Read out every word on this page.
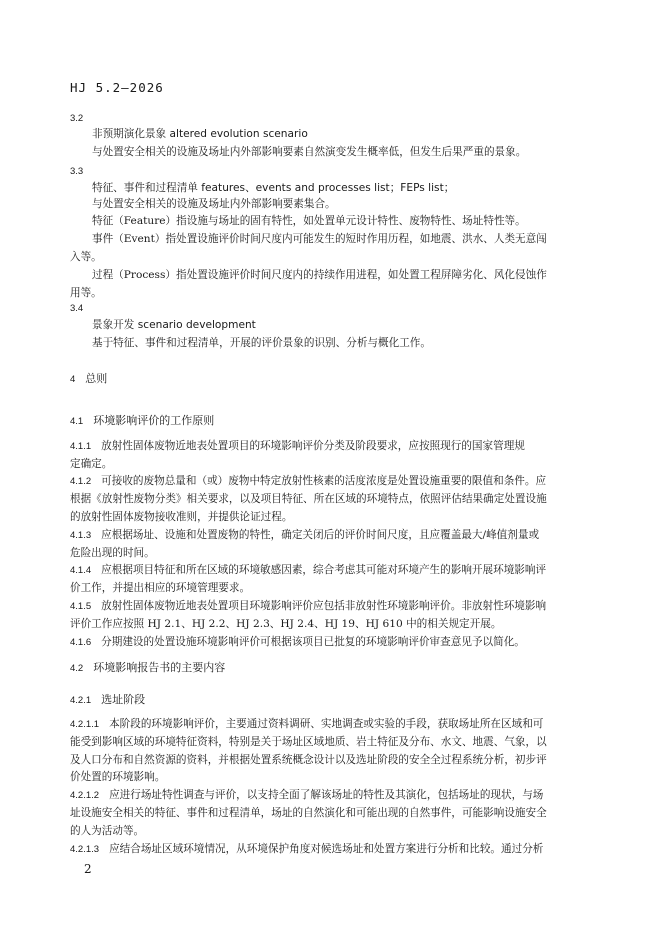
HJ 5.2—2026
3.2
非预期演化景象 altered evolution scenario
与处置安全相关的设施及场址内外部影响要素自然演变发生概率低，但发生后果严重的景象。
3.3
特征、事件和过程清单 features、events and processes list；FEPs list；
与处置安全相关的设施及场址内外部影响要素集合。
特征（Feature）指设施与场址的固有特性，如处置单元设计特性、废物特性、场址特性等。
事件（Event）指处置设施评价时间尺度内可能发生的短时作用历程，如地震、洪水、人类无意闯
入等。
过程（Process）指处置设施评价时间尺度内的持续作用进程，如处置工程屏障劣化、风化侵蚀作
用等。
3.4
景象开发 scenario development
基于特征、事件和过程清单，开展的评价景象的识别、分析与概化工作。
4 总则
4.1 环境影响评价的工作原则
4.1.1 放射性固体废物近地表处置项目的环境影响评价分类及阶段要求，应按照现行的国家管理规
定确定。
4.1.2 可接收的废物总量和（或）废物中特定放射性核素的活度浓度是处置设施重要的限值和条件。应
根据《放射性废物分类》相关要求，以及项目特征、所在区域的环境特点，依照评估结果确定处置设施
的放射性固体废物接收准则，并提供论证过程。
4.1.3 应根据场址、设施和处置废物的特性，确定关闭后的评价时间尺度，且应覆盖最大/峰值剂量或
危险出现的时间。
4.1.4 应根据项目特征和所在区域的环境敏感因素，综合考虑其可能对环境产生的影响开展环境影响评
价工作，并提出相应的环境管理要求。
4.1.5 放射性固体废物近地表处置项目环境影响评价应包括非放射性环境影响评价。非放射性环境影响
评价工作应按照 HJ 2.1、HJ 2.2、HJ 2.3、HJ 2.4、HJ 19、HJ 610 中的相关规定开展。
4.1.6 分期建设的处置设施环境影响评价可根据该项目已批复的环境影响评价审查意见予以简化。
4.2 环境影响报告书的主要内容
4.2.1 选址阶段
4.2.1.1 本阶段的环境影响评价，主要通过资料调研、实地调查或实验的手段，获取场址所在区域和可
能受到影响区域的环境特征资料，特别是关于场址区域地质、岩土特征及分布、水文、地震、气象，以
及人口分布和自然资源的资料，并根据处置系统概念设计以及选址阶段的安全全过程系统分析，初步评
价处置的环境影响。
4.2.1.2 应进行场址特性调查与评价，以支持全面了解该场址的特性及其演化，包括场址的现状，与场
址设施安全相关的特征、事件和过程清单，场址的自然演化和可能出现的自然事件，可能影响设施安全
的人为活动等。
4.2.1.3 应结合场址区域环境情况，从环境保护角度对候选场址和处置方案进行分析和比较。通过分析
2
